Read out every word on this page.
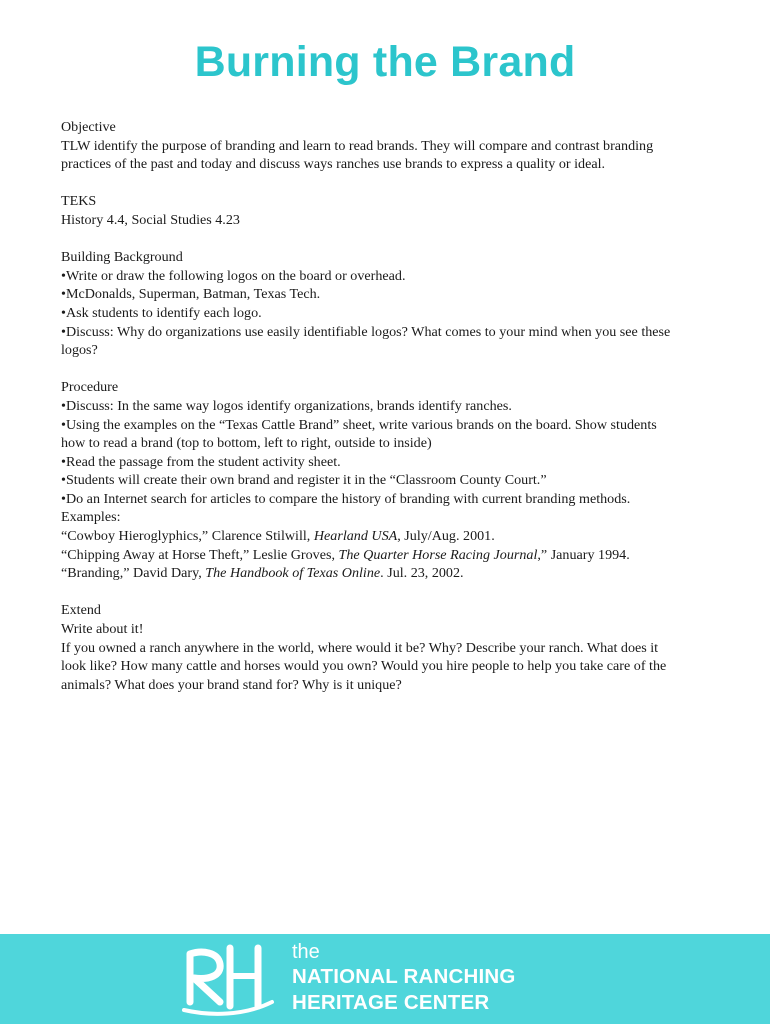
Burning the Brand
Objective
TLW identify the purpose of branding and learn to read brands. They will compare and contrast branding
practices of the past and today and discuss ways ranches use brands to express a quality or ideal.
TEKS
History 4.4, Social Studies 4.23
Building Background
• Write or draw the following logos on the board or overhead.
• McDonalds, Superman, Batman, Texas Tech.
• Ask students to identify each logo.
• Discuss: Why do organizations use easily identifiable logos? What comes to your mind when you see these
logos?
Procedure
• Discuss: In the same way logos identify organizations, brands identify ranches.
• Using the examples on the “Texas Cattle Brand” sheet, write various brands on the board. Show students
how to read a brand (top to bottom, left to right, outside to inside)
• Read the passage from the student activity sheet.
• Students will create their own brand and register it in the “Classroom County Court.”
• Do an Internet search for articles to compare the history of branding with current branding methods.
Examples:
“Cowboy Hieroglyphics,” Clarence Stilwill, Hearland USA, July/Aug. 2001.
“Chipping Away at Horse Theft,” Leslie Groves, The Quarter Horse Racing Journal,” January 1994.
“Branding,” David Dary, The Handbook of Texas Online. Jul. 23, 2002.
Extend
Write about it!
If you owned a ranch anywhere in the world, where would it be? Why? Describe your ranch. What does it
look like? How many cattle and horses would you own? Would you hire people to help you take care of the
animals? What does your brand stand for? Why is it unique?
the
NATIONAL RANCHING
HERITAGE CENTER
